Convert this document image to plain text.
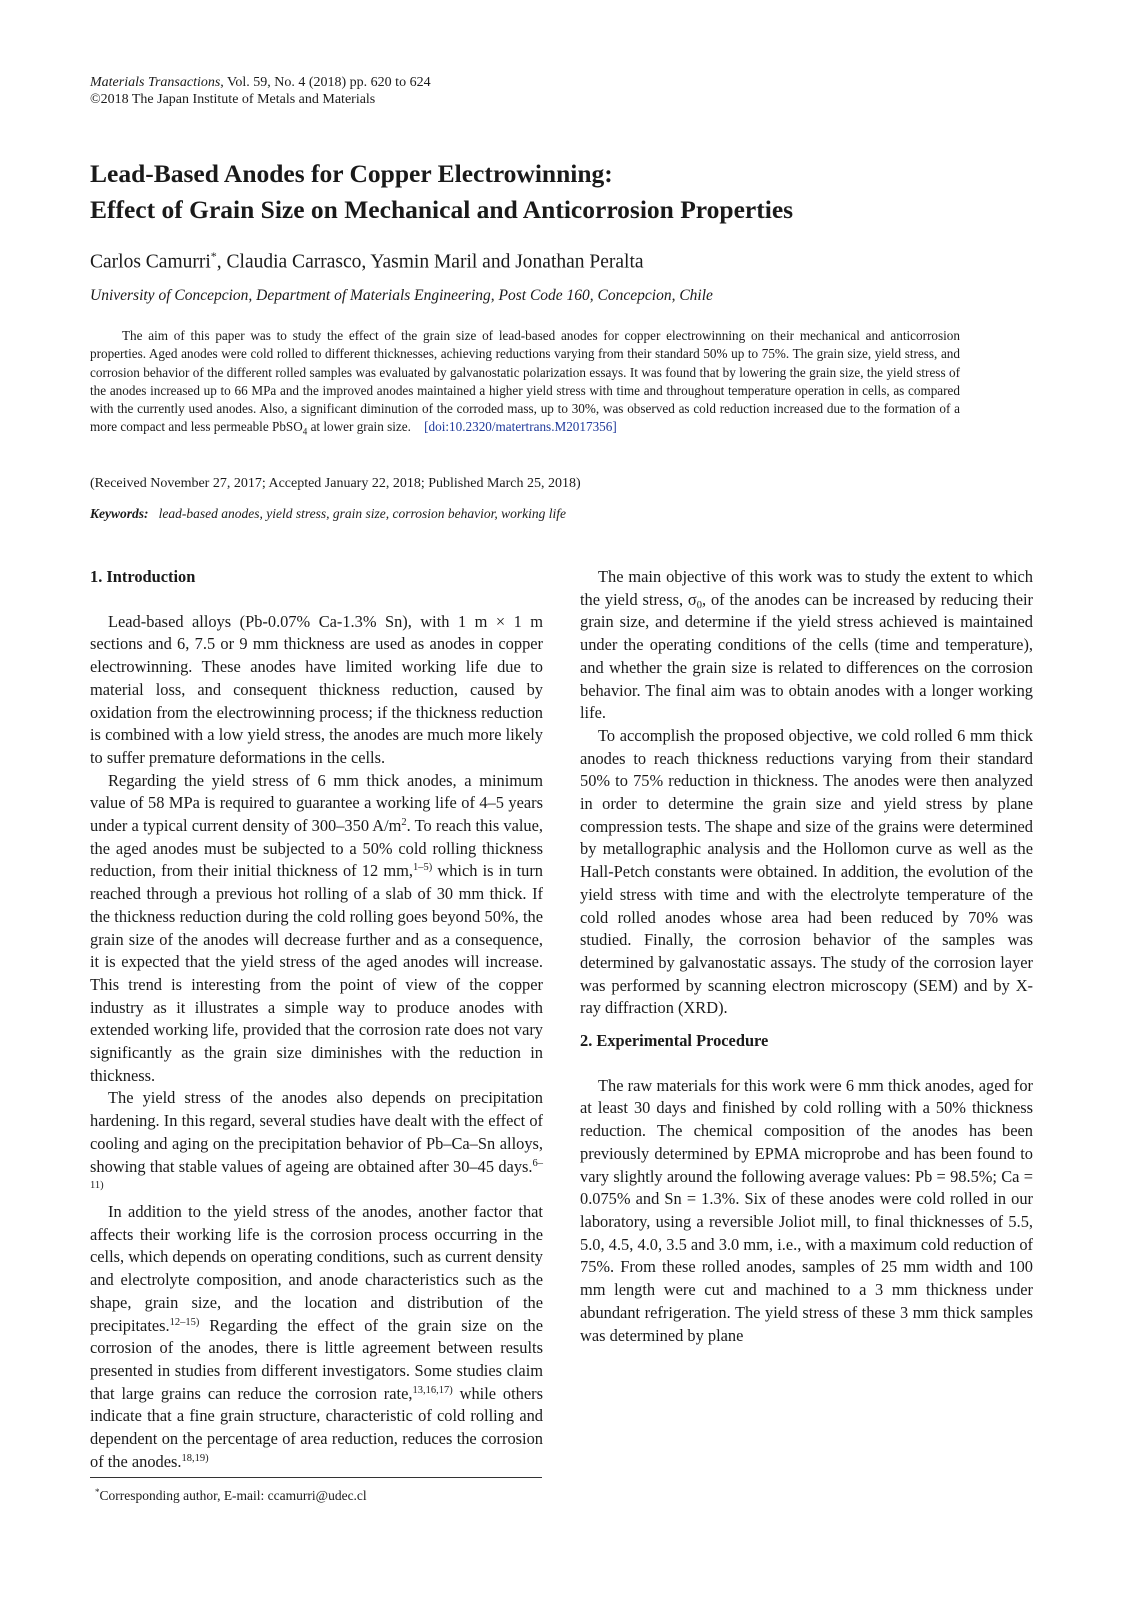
Materials Transactions, Vol. 59, No. 4 (2018) pp. 620 to 624
©2018 The Japan Institute of Metals and Materials
Lead-Based Anodes for Copper Electrowinning:
Effect of Grain Size on Mechanical and Anticorrosion Properties
Carlos Camurri*, Claudia Carrasco, Yasmin Maril and Jonathan Peralta
University of Concepcion, Department of Materials Engineering, Post Code 160, Concepcion, Chile
The aim of this paper was to study the effect of the grain size of lead-based anodes for copper electrowinning on their mechanical and anticorrosion properties. Aged anodes were cold rolled to different thicknesses, achieving reductions varying from their standard 50% up to 75%. The grain size, yield stress, and corrosion behavior of the different rolled samples was evaluated by galvanostatic polarization essays. It was found that by lowering the grain size, the yield stress of the anodes increased up to 66 MPa and the improved anodes maintained a higher yield stress with time and throughout temperature operation in cells, as compared with the currently used anodes. Also, a significant diminution of the corroded mass, up to 30%, was observed as cold reduction increased due to the formation of a more compact and less permeable PbSO$_4$ at lower grain size. [doi:10.2320/matertrans.M2017356]
(Received November 27, 2017; Accepted January 22, 2018; Published March 25, 2018)
Keywords: lead-based anodes, yield stress, grain size, corrosion behavior, working life
1. Introduction

Lead-based alloys (Pb-0.07% Ca-1.3% Sn), with 1 m × 1 m sections and 6, 7.5 or 9 mm thickness are used as anodes in copper electrowinning. These anodes have limited working life due to material loss, and consequent thickness reduction, caused by oxidation from the electrowinning process; if the thickness reduction is combined with a low yield stress, the anodes are much more likely to suffer premature deformations in the cells.

Regarding the yield stress of 6 mm thick anodes, a minimum value of 58 MPa is required to guarantee a working life of 4–5 years under a typical current density of 300–350 $A/m^2$. To reach this value, the aged anodes must be subjected to a 50% cold rolling thickness reduction, from their initial thickness of 12 mm,$^{1-5)}$ which is in turn reached through a previous hot rolling of a slab of 30 mm thick. If the thickness reduction during the cold rolling goes beyond 50%, the grain size of the anodes will decrease further and as a consequence, it is expected that the yield stress of the aged anodes will increase. This trend is interesting from the point of view of the copper industry as it illustrates a simple way to produce anodes with extended working life, provided that the corrosion rate does not vary significantly as the grain size diminishes with the reduction in thickness.

The yield stress of the anodes also depends on precipitation hardening. In this regard, several studies have dealt with the effect of cooling and aging on the precipitation behavior of Pb–Ca–Sn alloys, showing that stable values of ageing are obtained after 30–45 days.$^{6-11)}$

In addition to the yield stress of the anodes, another factor that affects their working life is the corrosion process occurring in the cells, which depends on operating conditions, such as current density and electrolyte composition, and anode characteristics such as the shape, grain size, and the location and distribution of the precipitates.$^{12-15)}$ Regarding the effect of the grain size on the corrosion of the anodes, there is little agreement between results presented in studies from different investigators. Some studies claim that large grains can reduce the corrosion rate,$^{13,16,17)}$ while others indicate that a fine grain structure, characteristic of cold rolling and dependent on the percentage of area reduction, reduces the corrosion of the anodes.$^{18,19)}$

The main objective of this work was to study the extent to which the yield stress, $\sigma_0$, of the anodes can be increased by reducing their grain size, and determine if the yield stress achieved is maintained under the operating conditions of the cells (time and temperature), and whether the grain size is related to differences on the corrosion behavior. The final aim was to obtain anodes with a longer working life.

To accomplish the proposed objective, we cold rolled 6 mm thick anodes to reach thickness reductions varying from their standard 50% to 75% reduction in thickness. The anodes were then analyzed in order to determine the grain size and yield stress by plane compression tests. The shape and size of the grains were determined by metallographic analysis and the Hollomon curve as well as the Hall-Petch constants were obtained. In addition, the evolution of the yield stress with time and with the electrolyte temperature of the cold rolled anodes whose area had been reduced by 70% was studied. Finally, the corrosion behavior of the samples was determined by galvanostatic assays. The study of the corrosion layer was performed by scanning electron microscopy (SEM) and by X-ray diffraction (XRD).

2. Experimental Procedure

The raw materials for this work were 6 mm thick anodes, aged for at least 30 days and finished by cold rolling with a 50% thickness reduction. The chemical composition of the anodes has been previously determined by EPMA microprobe and has been found to vary slightly around the following average values: Pb = 98.5%; Ca = 0.075% and Sn = 1.3%. Six of these anodes were cold rolled in our laboratory, using a reversible Joliot mill, to final thicknesses of 5.5, 5.0, 4.5, 4.0, 3.5 and 3.0 mm, i.e., with a maximum cold reduction of 75%. From these rolled anodes, samples of 25 mm width and 100 mm length were cut and machined to a 3 mm thickness under abundant refrigeration. The yield stress of these 3 mm thick samples was determined by plane

*Corresponding author, E-mail: ccamurri@udec.cl
